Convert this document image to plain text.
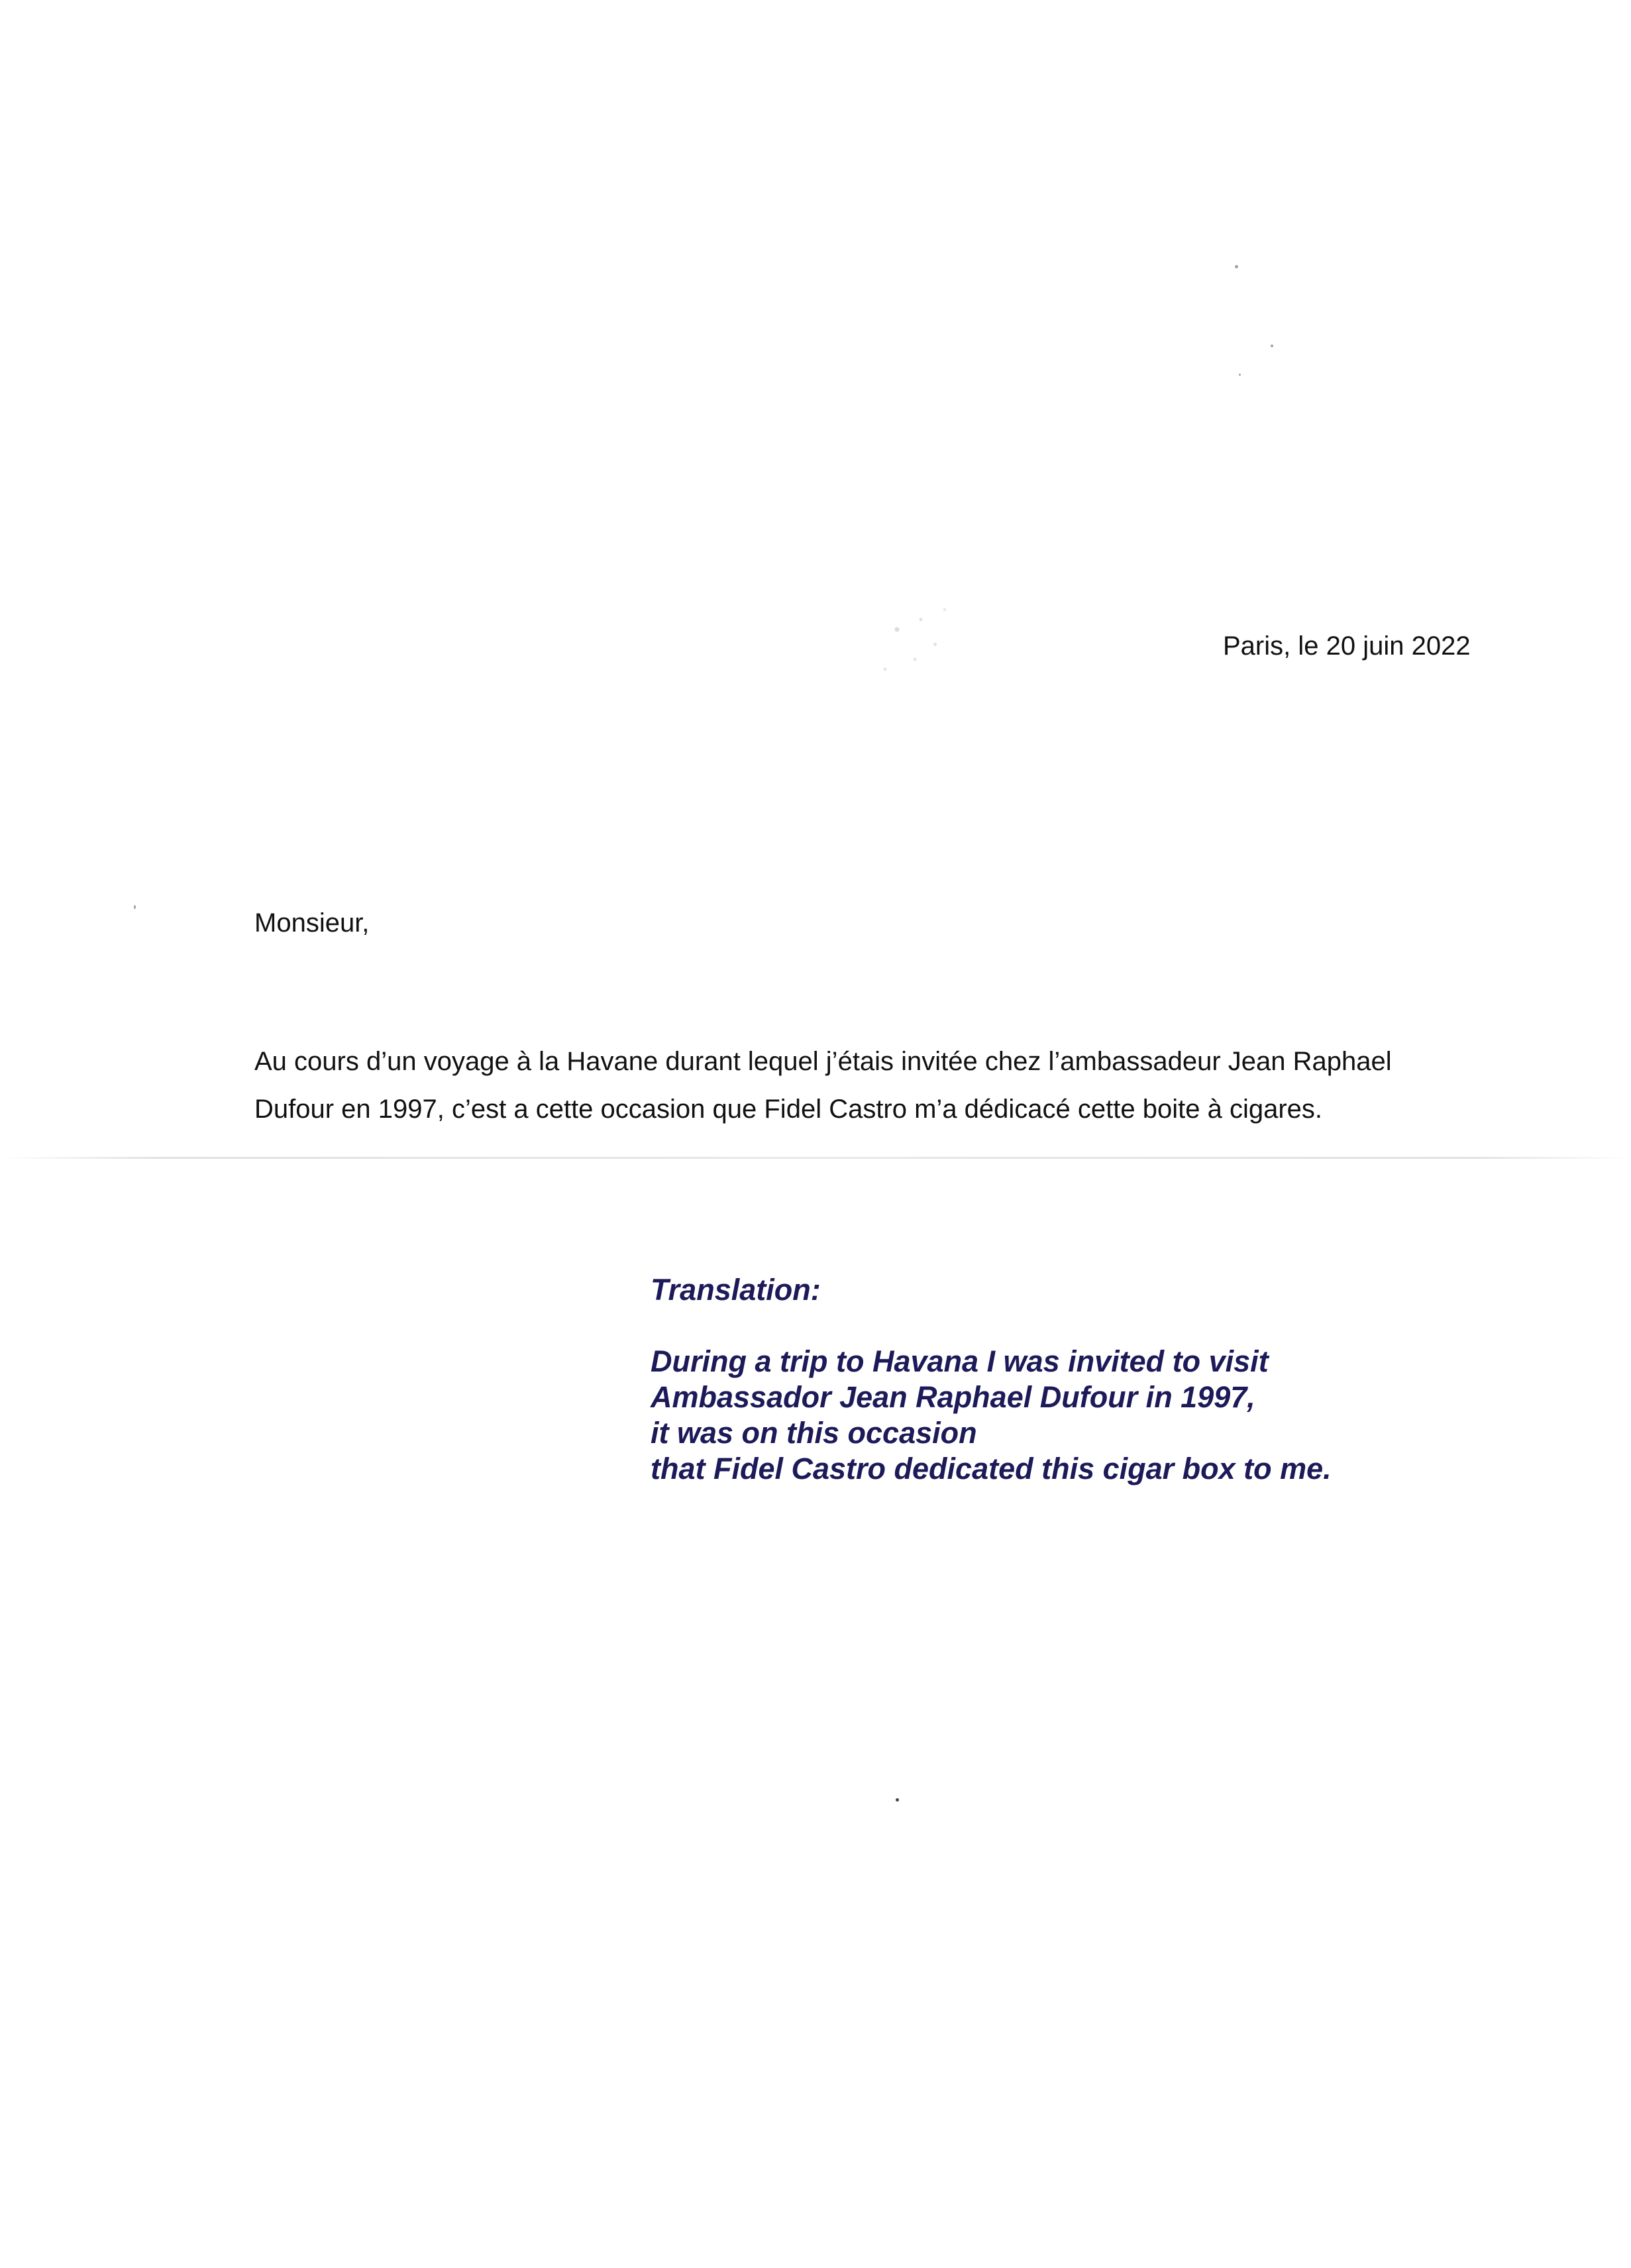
Paris, le 20 juin 2022
Monsieur,
Au cours d’un voyage à la Havane durant lequel j’étais invitée chez l’ambassadeur Jean Raphael
Dufour en 1997, c’est a cette occasion que Fidel Castro m’a dédicacé cette boite à cigares.
Translation:
During a trip to Havana I was invited to visit
Ambassador Jean Raphael Dufour in 1997,
it was on this occasion
that Fidel Castro dedicated this cigar box to me.
